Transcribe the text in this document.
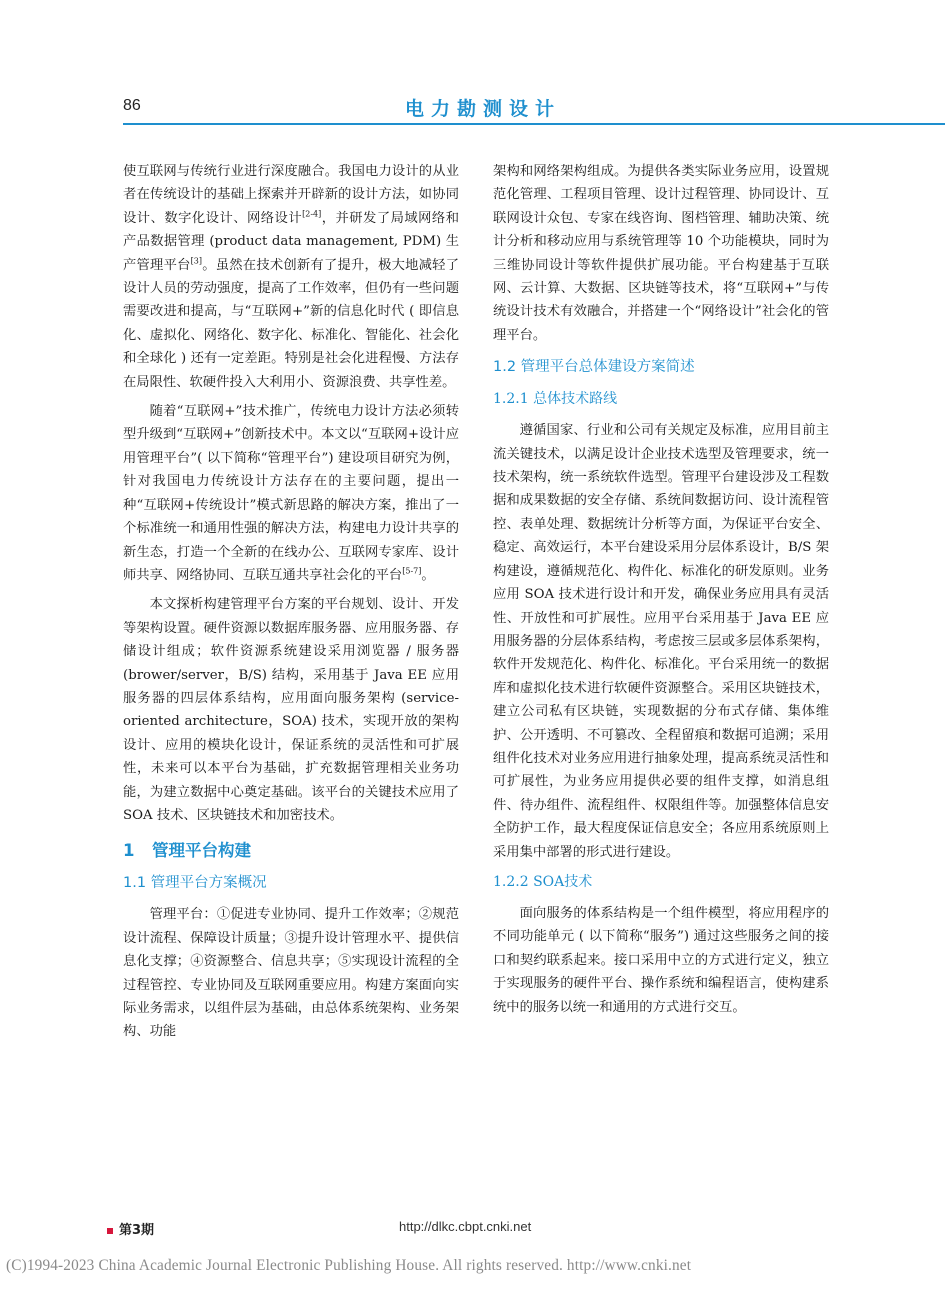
86	电力勘测设计

使互联网与传统行业进行深度融合。我国电力设计的从业者在传统设计的基础上探索并开辟新的设计方法，如协同设计、数字化设计、网络设计[2-4]，并研发了局域网络和产品数据管理 (product data management, PDM) 生产管理平台[3]。虽然在技术创新有了提升，极大地减轻了设计人员的劳动强度，提高了工作效率，但仍有一些问题需要改进和提高，与“互联网+”新的信息化时代 ( 即信息化、虚拟化、网络化、数字化、标准化、智能化、社会化和全球化 ) 还有一定差距。特别是社会化进程慢、方法存在局限性、软硬件投入大利用小、资源浪费、共享性差。

随着“互联网+”技术推广，传统电力设计方法必须转型升级到“互联网+”创新技术中。本文以“互联网+设计应用管理平台”( 以下简称“管理平台”) 建设项目研究为例，针对我国电力传统设计方法存在的主要问题，提出一种“互联网+传统设计”模式新思路的解决方案，推出了一个标准统一和通用性强的解决方法，构建电力设计共享的新生态，打造一个全新的在线办公、互联网专家库、设计师共享、网络协同、互联互通共享社会化的平台[5-7]。

本文探析构建管理平台方案的平台规划、设计、开发等架构设置。硬件资源以数据库服务器、应用服务器、存储设计组成；软件资源系统建设采用浏览器 / 服务器 (brower/server，B/S) 结构，采用基于 Java EE 应用服务器的四层体系结构，应用面向服务架构 (service-oriented architecture，SOA) 技术，实现开放的架构设计、应用的模块化设计，保证系统的灵活性和可扩展性，未来可以本平台为基础，扩充数据管理相关业务功能，为建立数据中心奠定基础。该平台的关键技术应用了 SOA 技术、区块链技术和加密技术。

1 管理平台构建
1.1 管理平台方案概况

管理平台：①促进专业协同、提升工作效率；②规范设计流程、保障设计质量；③提升设计管理水平、提供信息化支撑；④资源整合、信息共享；⑤实现设计流程的全过程管控、专业协同及互联网重要应用。构建方案面向实际业务需求，以组件层为基础，由总体系统架构、业务架构、功能

架构和网络架构组成。为提供各类实际业务应用，设置规范化管理、工程项目管理、设计过程管理、协同设计、互联网设计众包、专家在线咨询、图档管理、辅助决策、统计分析和移动应用与系统管理等 10 个功能模块，同时为三维协同设计等软件提供扩展功能。平台构建基于互联网、云计算、大数据、区块链等技术，将“互联网+”与传统设计技术有效融合，并搭建一个“网络设计”社会化的管理平台。

1.2 管理平台总体建设方案简述
1.2.1 总体技术路线

遵循国家、行业和公司有关规定及标准，应用目前主流关键技术，以满足设计企业技术选型及管理要求，统一技术架构，统一系统软件选型。管理平台建设涉及工程数据和成果数据的安全存储、系统间数据访问、设计流程管控、表单处理、数据统计分析等方面，为保证平台安全、稳定、高效运行，本平台建设采用分层体系设计，B/S 架构建设，遵循规范化、构件化、标准化的研发原则。业务应用 SOA 技术进行设计和开发，确保业务应用具有灵活性、开放性和可扩展性。应用平台采用基于 Java EE 应用服务器的分层体系结构，考虑按三层或多层体系架构，软件开发规范化、构件化、标准化。平台采用统一的数据库和虚拟化技术进行软硬件资源整合。采用区块链技术，建立公司私有区块链，实现数据的分布式存储、集体维护、公开透明、不可篡改、全程留痕和数据可追溯；采用组件化技术对业务应用进行抽象处理，提高系统灵活性和可扩展性，为业务应用提供必要的组件支撑，如消息组件、待办组件、流程组件、权限组件等。加强整体信息安全防护工作，最大程度保证信息安全；各应用系统原则上采用集中部署的形式进行建设。

1.2.2 SOA技术

面向服务的体系结构是一个组件模型，将应用程序的不同功能单元 ( 以下简称“服务”) 通过这些服务之间的接口和契约联系起来。接口采用中立的方式进行定义，独立于实现服务的硬件平台、操作系统和编程语言，使构建系统中的服务以统一和通用的方式进行交互。

第3期	http://dlkc.cbpt.cnki.net
(C)1994-2023 China Academic Journal Electronic Publishing House. All rights reserved. http://www.cnki.net
